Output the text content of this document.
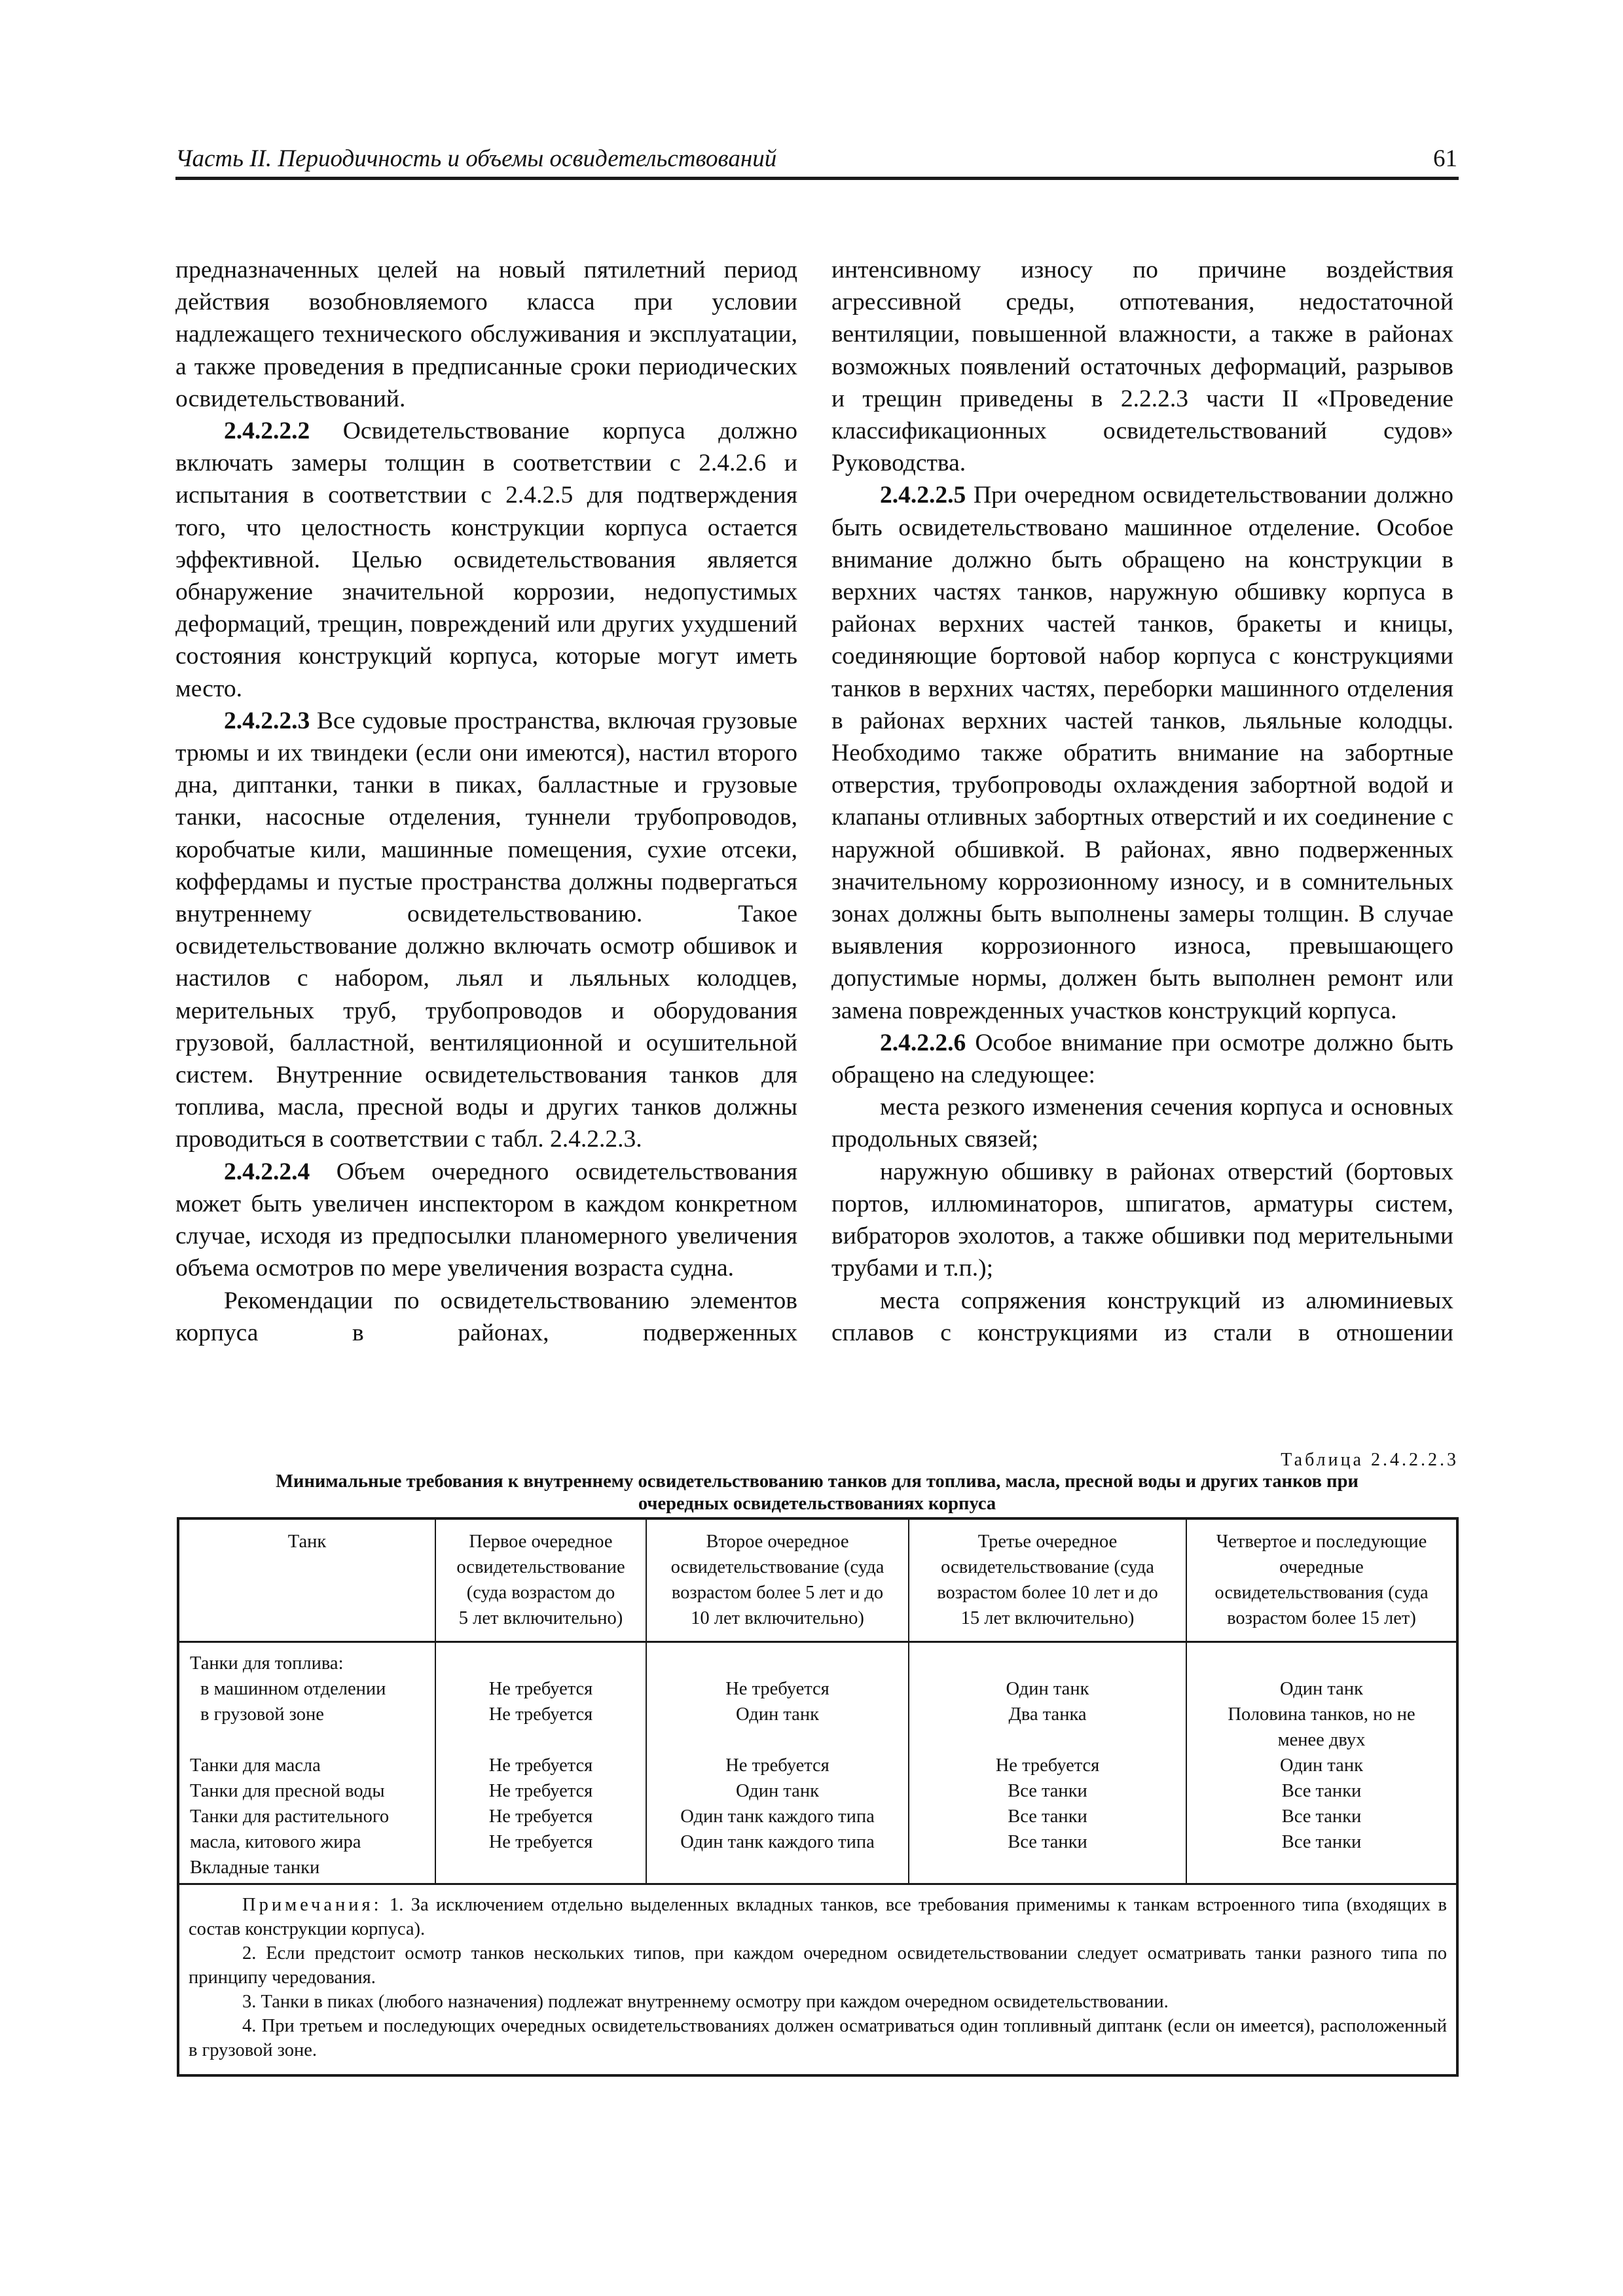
Часть II. Периодичность и объемы освидетельствований	61

предназначенных целей на новый пятилетний период действия возобновляемого класса при условии надлежащего технического обслуживания и эксплуатации, а также проведения в предписанные сроки периодических освидетельствований.

2.4.2.2.2 Освидетельствование корпуса должно включать замеры толщин в соответствии с 2.4.2.6 и испытания в соответствии с 2.4.2.5 для подтверждения того, что целостность конструкции корпуса остается эффективной. Целью освидетельствования является обнаружение значительной коррозии, недопустимых деформаций, трещин, повреждений или других ухудшений состояния конструкций корпуса, которые могут иметь место.

2.4.2.2.3 Все судовые пространства, включая грузовые трюмы и их твиндеки (если они имеются), настил второго дна, диптанки, танки в пиках, балластные и грузовые танки, насосные отделения, туннели трубопроводов, коробчатые кили, машинные помещения, сухие отсеки, коффердамы и пустые пространства должны подвергаться внутреннему освидетельствованию. Такое освидетельствование должно включать осмотр обшивок и настилов с набором, льял и льяльных колодцев, мерительных труб, трубопроводов и оборудования грузовой, балластной, вентиляционной и осушительной систем. Внутренние освидетельствования танков для топлива, масла, пресной воды и других танков должны проводиться в соответствии с табл. 2.4.2.2.3.

2.4.2.2.4 Объем очередного освидетельствования может быть увеличен инспектором в каждом конкретном случае, исходя из предпосылки планомерного увеличения объема осмотров по мере увеличения возраста судна.

Рекомендации по освидетельствованию элементов корпуса в районах, подверженных

интенсивному износу по причине воздействия агрессивной среды, отпотевания, недостаточной вентиляции, повышенной влажности, а также в районах возможных появлений остаточных деформаций, разрывов и трещин приведены в 2.2.2.3 части II «Проведение классификационных освидетельствований судов» Руководства.

2.4.2.2.5 При очередном освидетельствовании должно быть освидетельствовано машинное отделение. Особое внимание должно быть обращено на конструкции в верхних частях танков, наружную обшивку корпуса в районах верхних частей танков, бракеты и кницы, соединяющие бортовой набор корпуса с конструкциями танков в верхних частях, переборки машинного отделения в районах верхних частей танков, льяльные колодцы. Необходимо также обратить внимание на забортные отверстия, трубопроводы охлаждения забортной водой и клапаны отливных забортных отверстий и их соединение с наружной обшивкой. В районах, явно подверженных значительному коррозионному износу, и в сомнительных зонах должны быть выполнены замеры толщин. В случае выявления коррозионного износа, превышающего допустимые нормы, должен быть выполнен ремонт или замена поврежденных участков конструкций корпуса.

2.4.2.2.6 Особое внимание при осмотре должно быть обращено на следующее:

места резкого изменения сечения корпуса и основных продольных связей;

наружную обшивку в районах отверстий (бортовых портов, иллюминаторов, шпигатов, арматуры систем, вибраторов эхолотов, а также обшивки под мерительными трубами и т.п.);

места сопряжения конструкций из алюминиевых сплавов с конструкциями из стали в отношении

Таблица 2.4.2.2.3
Минимальные требования к внутреннему освидетельствованию танков для топлива, масла, пресной воды и других танков при
очередных освидетельствованиях корпуса
Танк	Первое очередное
освидетельствование
(суда возрастом до
5 лет включительно)
Второе очередное
освидетельствование (суда
возрастом более 5 лет и до
10 лет включительно)
Третье очередное
освидетельствование (суда
возрастом более 10 лет и до
15 лет включительно)
Четвертое и последующие
очередные
освидетельствования (суда
возрастом более 15 лет)
Танки для топлива:
в машинном отделении
в грузовой зоне
Танки для масла
Танки для пресной воды
Танки для растительного
масла, китового жира
Вкладные танки
Не требуется
Не требуется
Не требуется
Не требуется
Не требуется
Не требуется
Не требуется
Один танк
Не требуется
Один танк
Один танк каждого типа
Один танк каждого типа
Один танк
Два танка
Не требуется
Все танки
Все танки
Все танки
Один танк
Половина танков, но не
менее двух
Один танк
Все танки
Все танки
Все танки

Примечания: 1. За исключением отдельно выделенных вкладных танков, все требования применимы к танкам встроенного типа (входящих в состав конструкции корпуса).

2. Если предстоит осмотр танков нескольких типов, при каждом очередном освидетельствовании следует осматривать танки разного типа по принципу чередования.

3. Танки в пиках (любого назначения) подлежат внутреннему осмотру при каждом очередном освидетельствовании.

4. При третьем и последующих очередных освидетельствованиях должен осматриваться один топливный диптанк (если он имеется), расположенный в грузовой зоне.
